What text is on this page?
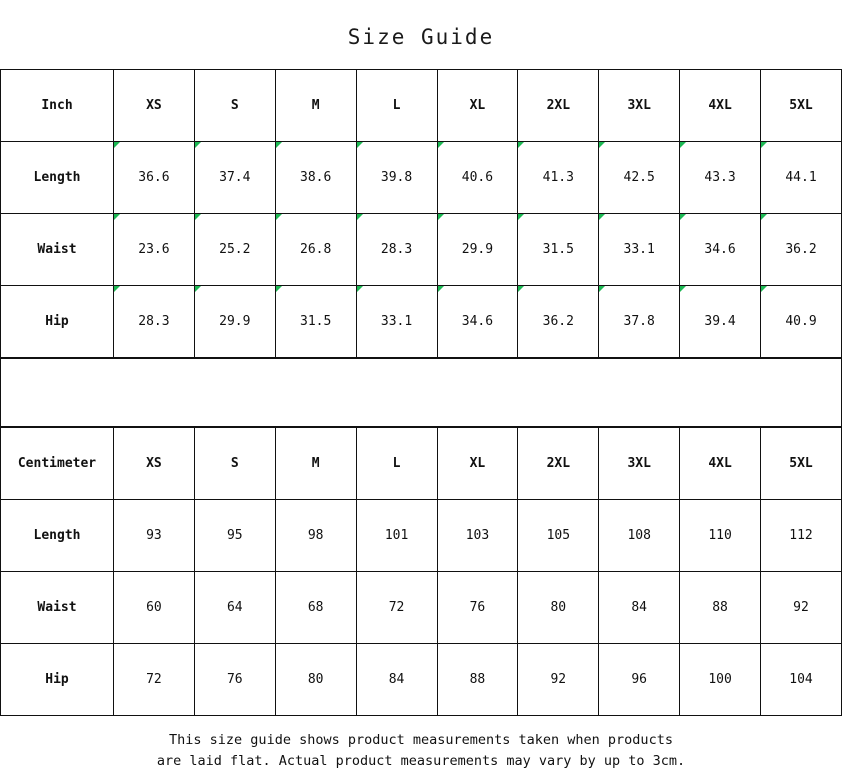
Size Guide
Inch	XS	S	M	L	XL	2XL	3XL	4XL	5XL
Length	36.6	37.4	38.6	39.8	40.6	41.3	42.5	43.3	44.1
Waist	23.6	25.2	26.8	28.3	29.9	31.5	33.1	34.6	36.2
Hip	28.3	29.9	31.5	33.1	34.6	36.2	37.8	39.4	40.9
Centimeter	XS	S	M	L	XL	2XL	3XL	4XL	5XL
Length	93	95	98	101	103	105	108	110	112
Waist	60	64	68	72	76	80	84	88	92
Hip	72	76	80	84	88	92	96	100	104
This size guide shows product measurements taken when products
are laid flat. Actual product measurements may vary by up to 3cm.
